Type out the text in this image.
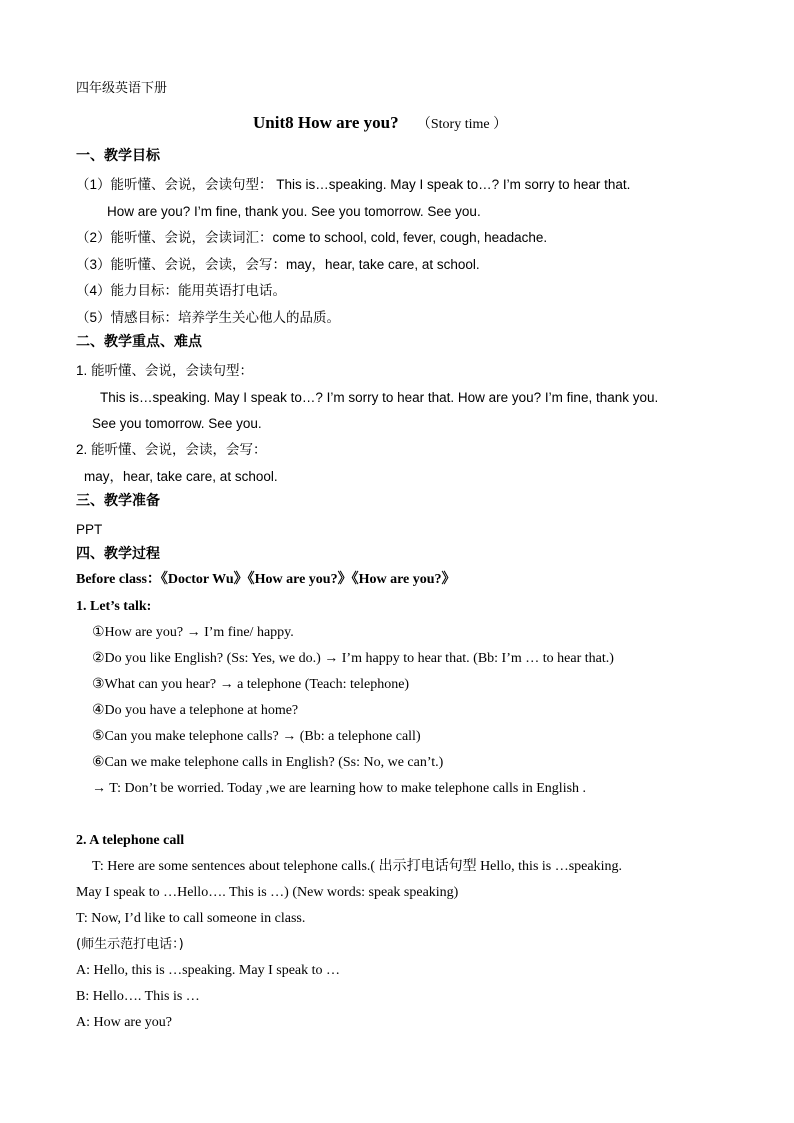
四年级英语下册
Unit8 How are you? （Story time ）
一、教学目标
（1）能听懂、会说，会读句型： This is…speaking. May I speak to…? I’m sorry to hear that.
How are you? I’m fine, thank you. See you tomorrow. See you.
（2）能听懂、会说，会读词汇：come to school, cold, fever, cough, headache.
（3）能听懂、会说，会读，会写：may，hear, take care, at school.
（4）能力目标：能用英语打电话。
（5）情感目标：培养学生关心他人的品质。
二、教学重点、难点
1. 能听懂、会说，会读句型：
This is…speaking. May I speak to…? I’m sorry to hear that. How are you? I’m fine, thank you.
See you tomorrow. See you.
2. 能听懂、会说，会读，会写：
may，hear, take care, at school.
三、教学准备
PPT
四、教学过程
Before class：《Doctor Wu》《How are you?》《How are you?》
1. Let’s talk:
①How are you? → I’m fine/ happy.
②Do you like English? (Ss: Yes, we do.) → I’m happy to hear that. (Bb: I’m … to hear that.)
③What can you hear? → a telephone (Teach: telephone)
④Do you have a telephone at home?
⑤Can you make telephone calls? → (Bb: a telephone call)
⑥Can we make telephone calls in English? (Ss: No, we can’t.)
→ T: Don’t be worried. Today ,we are learning how to make telephone calls in English .
2. A telephone call
T: Here are some sentences about telephone calls.( 出示打电话句型 Hello, this is …speaking.
May I speak to …Hello…. This is …) (New words: speak speaking)
T: Now, I’d like to call someone in class.
(师生示范打电话：)
A: Hello, this is …speaking. May I speak to …
B: Hello…. This is …
A: How are you?
